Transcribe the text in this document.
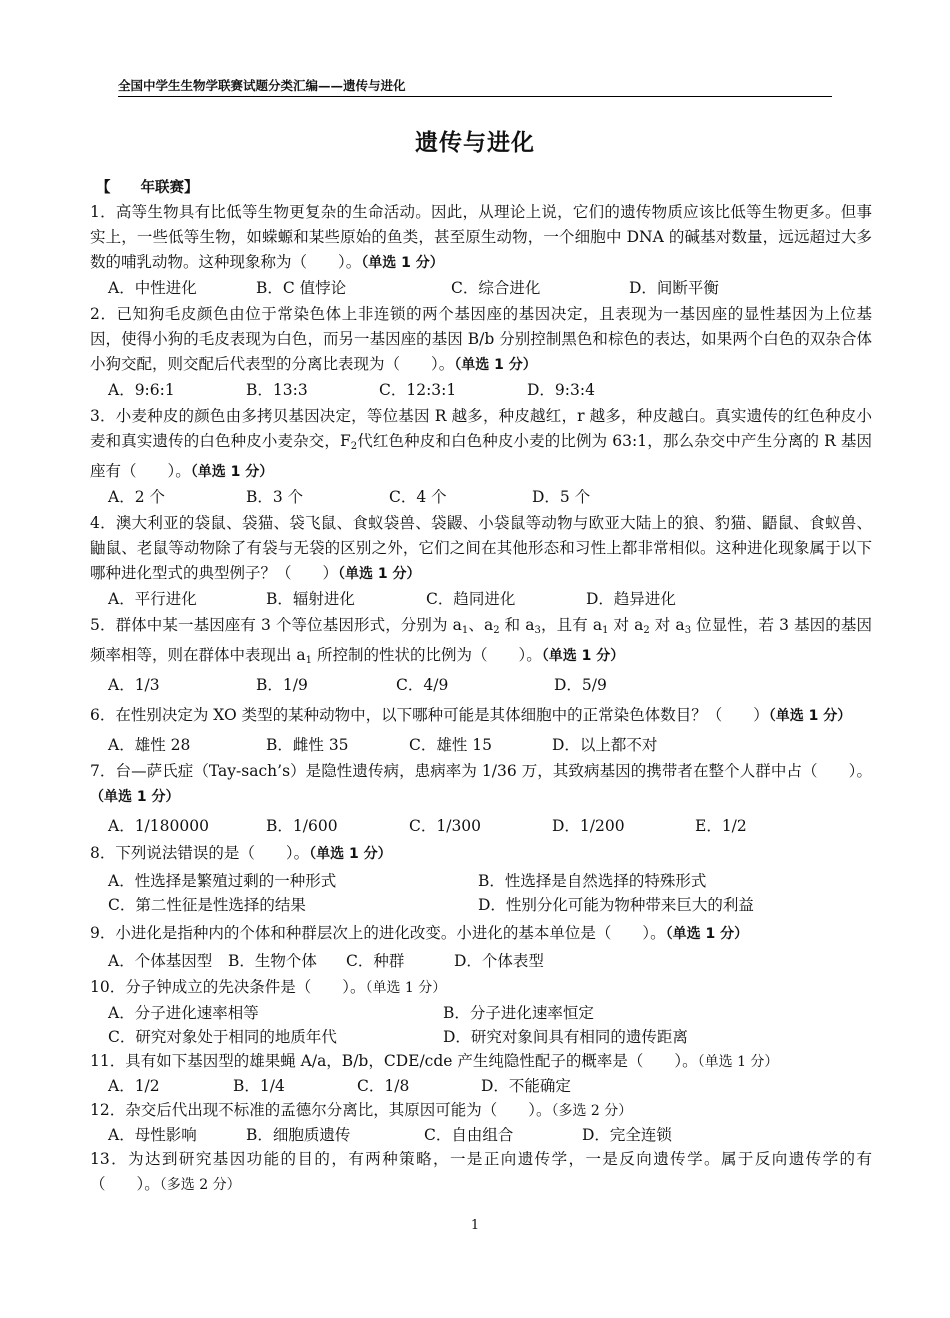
全国中学生生物学联赛试题分类汇编——遗传与进化
遗传与进化
【 年联赛】

1．高等生物具有比低等生物更复杂的生命活动。因此，从理论上说，它们的遗传物质应该比低等生物更多。但事实上，一些低等生物，如蝾螈和某些原始的鱼类，甚至原生动物，一个细胞中 DNA 的碱基对数量，远远超过大多数的哺乳动物。这种现象称为（　　）。（单选 1 分）

A．中性进化	B．C 值悖论	C．综合进化	D．间断平衡

2．已知狗毛皮颜色由位于常染色体上非连锁的两个基因座的基因决定，且表现为一基因座的显性基因为上位基因，使得小狗的毛皮表现为白色，而另一基因座的基因 B/b 分别控制黑色和棕色的表达，如果两个白色的双杂合体小狗交配，则交配后代表型的分离比表现为（　　）。（单选 1 分）

A．9:6:1	B．13:3	C．12:3:1	D．9:3:4

3．小麦种皮的颜色由多拷贝基因决定，等位基因 R 越多，种皮越红，r 越多，种皮越白。真实遗传的红色种皮小麦和真实遗传的白色种皮小麦杂交，$F_2$代红色种皮和白色种皮小麦的比例为 63:1，那么杂交中产生分离的 R 基因座有（　　）。（单选 1 分）

A．2 个	B．3 个	C．4 个	D．5 个

4．澳大利亚的袋鼠、袋猫、袋飞鼠、食蚁袋兽、袋鼹、小袋鼠等动物与欧亚大陆上的狼、豹猫、鼯鼠、食蚁兽、鼬鼠、老鼠等动物除了有袋与无袋的区别之外，它们之间在其他形态和习性上都非常相似。这种进化现象属于以下哪种进化型式的典型例子？（　　）（单选 1 分）

A．平行进化	B．辐射进化	C．趋同进化	D．趋异进化

5．群体中某一基因座有 3 个等位基因形式，分别为 $a_1$、$a_2$ 和 $a_3$，且有 $a_1$ 对 $a_2$ 对 $a_3$ 位显性，若 3 基因的基因频率相等，则在群体中表现出 $a_1$ 所控制的性状的比例为（　　）。（单选 1 分）

A．1/3	B．1/9	C．4/9	D．5/9

6．在性别决定为 XO 类型的某种动物中，以下哪种可能是其体细胞中的正常染色体数目？（　　）（单选 1 分）

A．雄性 28	B．雌性 35	C．雄性 15	D．以上都不对

7．台—萨氏症（Tay-sach’s）是隐性遗传病，患病率为 1/36 万，其致病基因的携带者在整个人群中占（　　）。（单选 1 分）

A．1/180000	B．1/600	C．1/300	D．1/200	E．1/2

8．下列说法错误的是（　　）。（单选 1 分）

A．性选择是繁殖过剩的一种形式	B．性选择是自然选择的特殊形式
C．第二性征是性选择的结果	D．性别分化可能为物种带来巨大的利益

9．小进化是指种内的个体和种群层次上的进化改变。小进化的基本单位是（　　）。（单选 1 分）

A．个体基因型	B．生物个体	C．种群	D．个体表型

10．分子钟成立的先决条件是（　　）。（单选 1 分）

A．分子进化速率相等	B．分子进化速率恒定
C．研究对象处于相同的地质年代	D．研究对象间具有相同的遗传距离

11．具有如下基因型的雄果蝇 A/a，B/b，CDE/cde 产生纯隐性配子的概率是（　　）。（单选 1 分）

A．1/2	B．1/4	C．1/8	D．不能确定

12．杂交后代出现不标准的孟德尔分离比，其原因可能为（　　）。（多选 2 分）

A．母性影响	B．细胞质遗传	C．自由组合	D．完全连锁

13．为达到研究基因功能的目的，有两种策略，一是正向遗传学，一是反向遗传学。属于反向遗传学的有（　　）。（多选 2 分）

1
